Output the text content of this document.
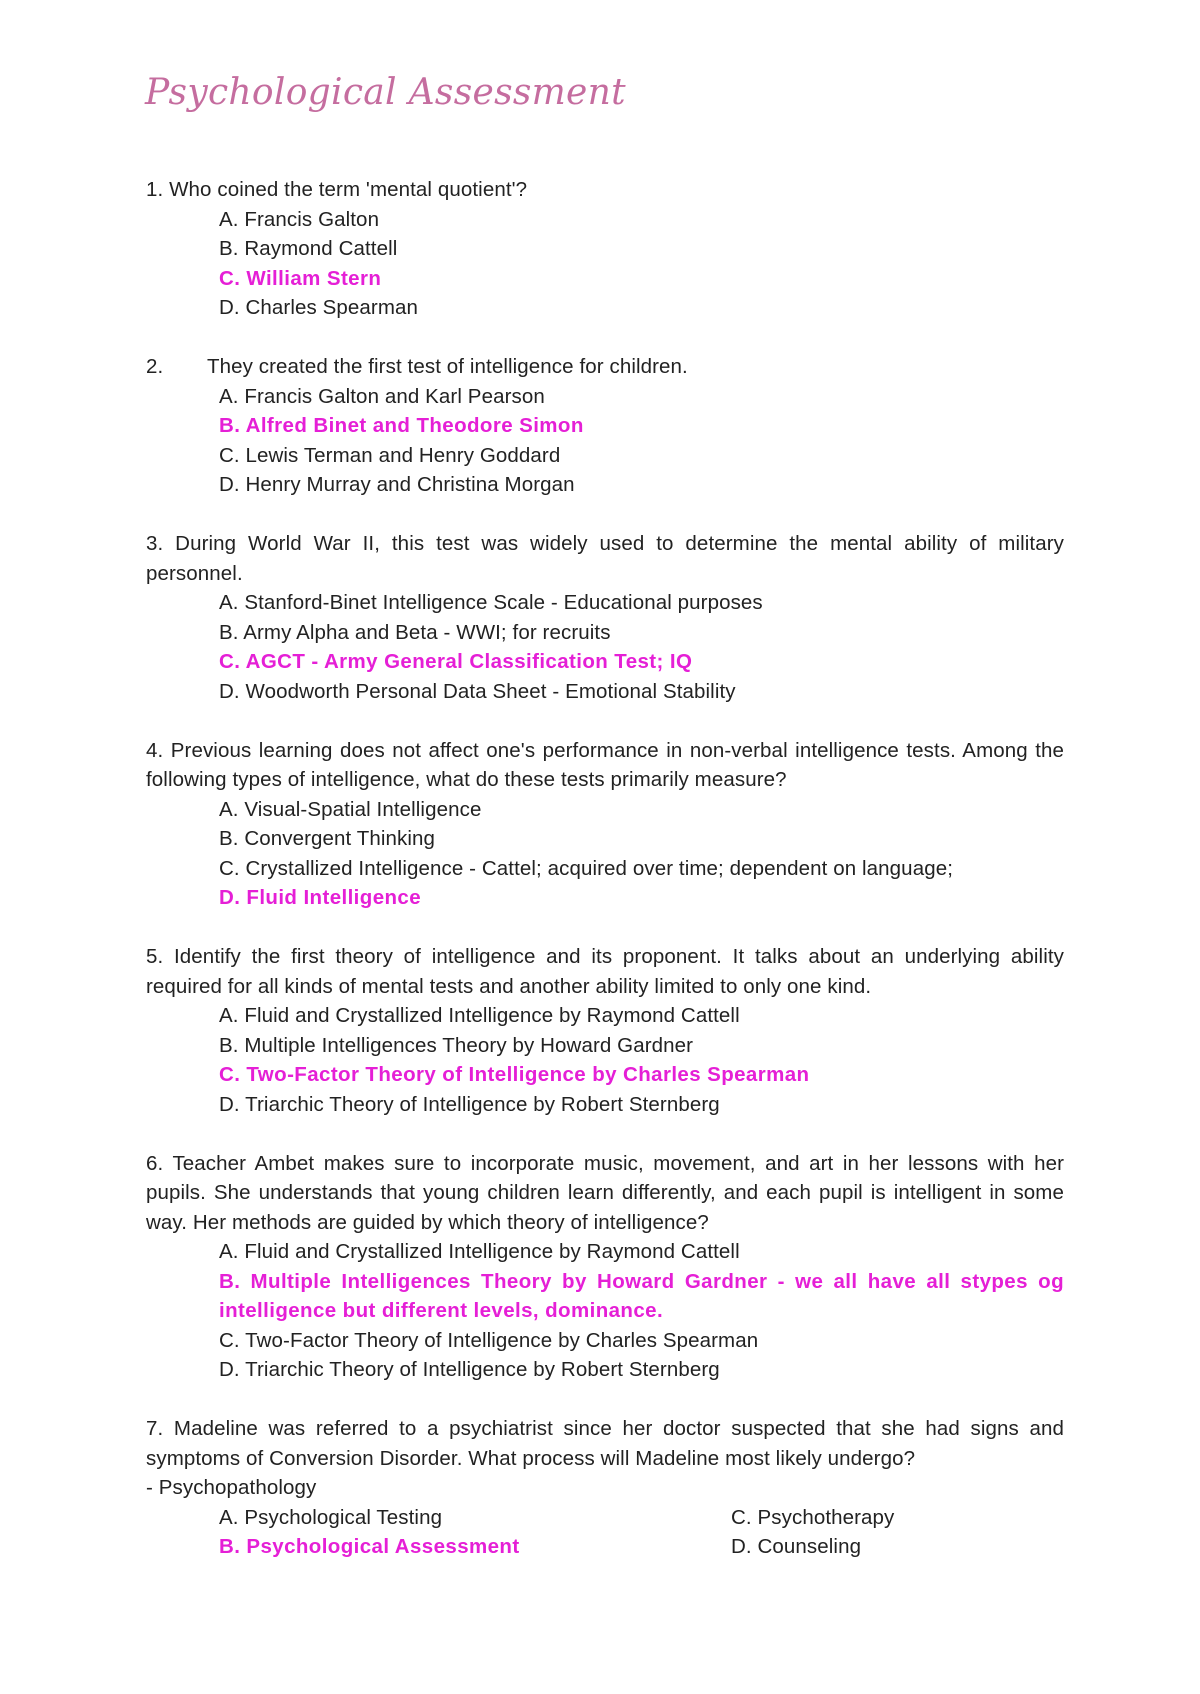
Psychological Assessment

1. Who coined the term 'mental quotient'?

A. Francis Galton

B. Raymond Cattell

C. William Stern

D. Charles Spearman

2.	They created the first test of intelligence for children.

A. Francis Galton and Karl Pearson

B. Alfred Binet and Theodore Simon

C. Lewis Terman and Henry Goddard

D. Henry Murray and Christina Morgan

3. During World War II, this test was widely used to determine the mental ability of military personnel.

A. Stanford-Binet Intelligence Scale - Educational purposes

B. Army Alpha and Beta - WWI; for recruits

C. AGCT - Army General Classification Test; IQ

D. Woodworth Personal Data Sheet - Emotional Stability

4. Previous learning does not affect one's performance in non-verbal intelligence tests. Among the following types of intelligence, what do these tests primarily measure?

A. Visual-Spatial Intelligence

B. Convergent Thinking

C. Crystallized Intelligence - Cattel; acquired over time; dependent on language;

D. Fluid Intelligence

5. Identify the first theory of intelligence and its proponent. It talks about an underlying ability required for all kinds of mental tests and another ability limited to only one kind.

A. Fluid and Crystallized Intelligence by Raymond Cattell

B. Multiple Intelligences Theory by Howard Gardner

C. Two-Factor Theory of Intelligence by Charles Spearman

D. Triarchic Theory of Intelligence by Robert Sternberg

6. Teacher Ambet makes sure to incorporate music, movement, and art in her lessons with her pupils. She understands that young children learn differently, and each pupil is intelligent in some way. Her methods are guided by which theory of intelligence?

A. Fluid and Crystallized Intelligence by Raymond Cattell

B. Multiple Intelligences Theory by Howard Gardner - we all have all stypes og intelligence but different levels, dominance.

C. Two-Factor Theory of Intelligence by Charles Spearman

D. Triarchic Theory of Intelligence by Robert Sternberg

7. Madeline was referred to a psychiatrist since her doctor suspected that she had signs and symptoms of Conversion Disorder. What process will Madeline most likely undergo?

- Psychopathology

A. Psychological Testing	C. Psychotherapy
B. Psychological Assessment	D. Counseling
